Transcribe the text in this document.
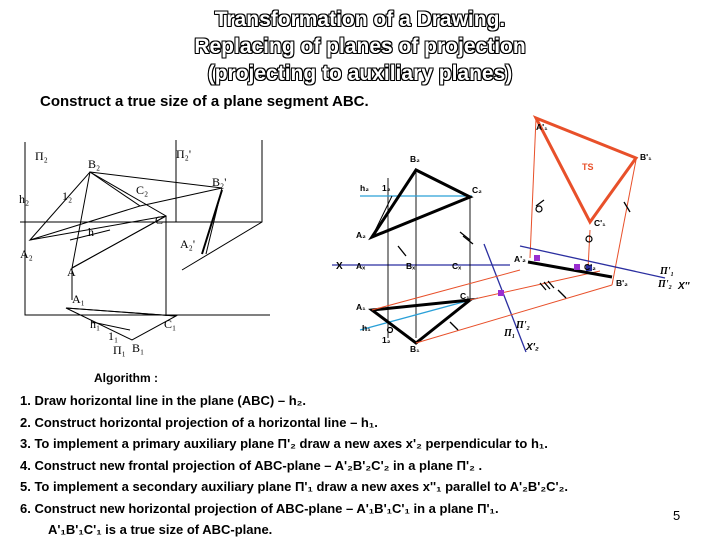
Transformation of a Drawing.
Replacing of planes of projection
(projecting to auxiliary planes)
Construct a true size of a plane segment ABC.
Π₂	Π₂'
B₂
h₂	1₂	C₂
B₂'
C
h
A₂
A₂'
A
A₁
h₁
1₁
C₁
Π₁ B₁
B₂
h₂ 1₂	C₂
A₂
X Aₓ	Bₓ	Cₓ
A₁
C₁
h₁
1₂
B₁
A'₂
C'₂
B'₂
A'₁
B'₁
C'₁
TS
Π'₁
Π'₂ X''
Π₁
Π'₂
X'₂
Algorithm :
1. Draw horizontal line in the plane (ABC) – h₂.
2. Construct horizontal projection of a horizontal line – h₁.
3. To implement a primary auxiliary plane Π'₂ draw a new axes x'₂ perpendicular to h₁.
4. Construct new frontal projection of ABC-plane – A'₂B'₂C'₂ in a plane Π'₂ .
5. To implement a secondary auxiliary plane Π'₁ draw a new axes x''₁ parallel to A'₂B'₂C'₂.
6. Construct new horizontal projection of ABC-plane – A'₁B'₁C'₁ in a plane Π'₁.
A'₁B'₁C'₁ is a true size of ABC-plane.
5
